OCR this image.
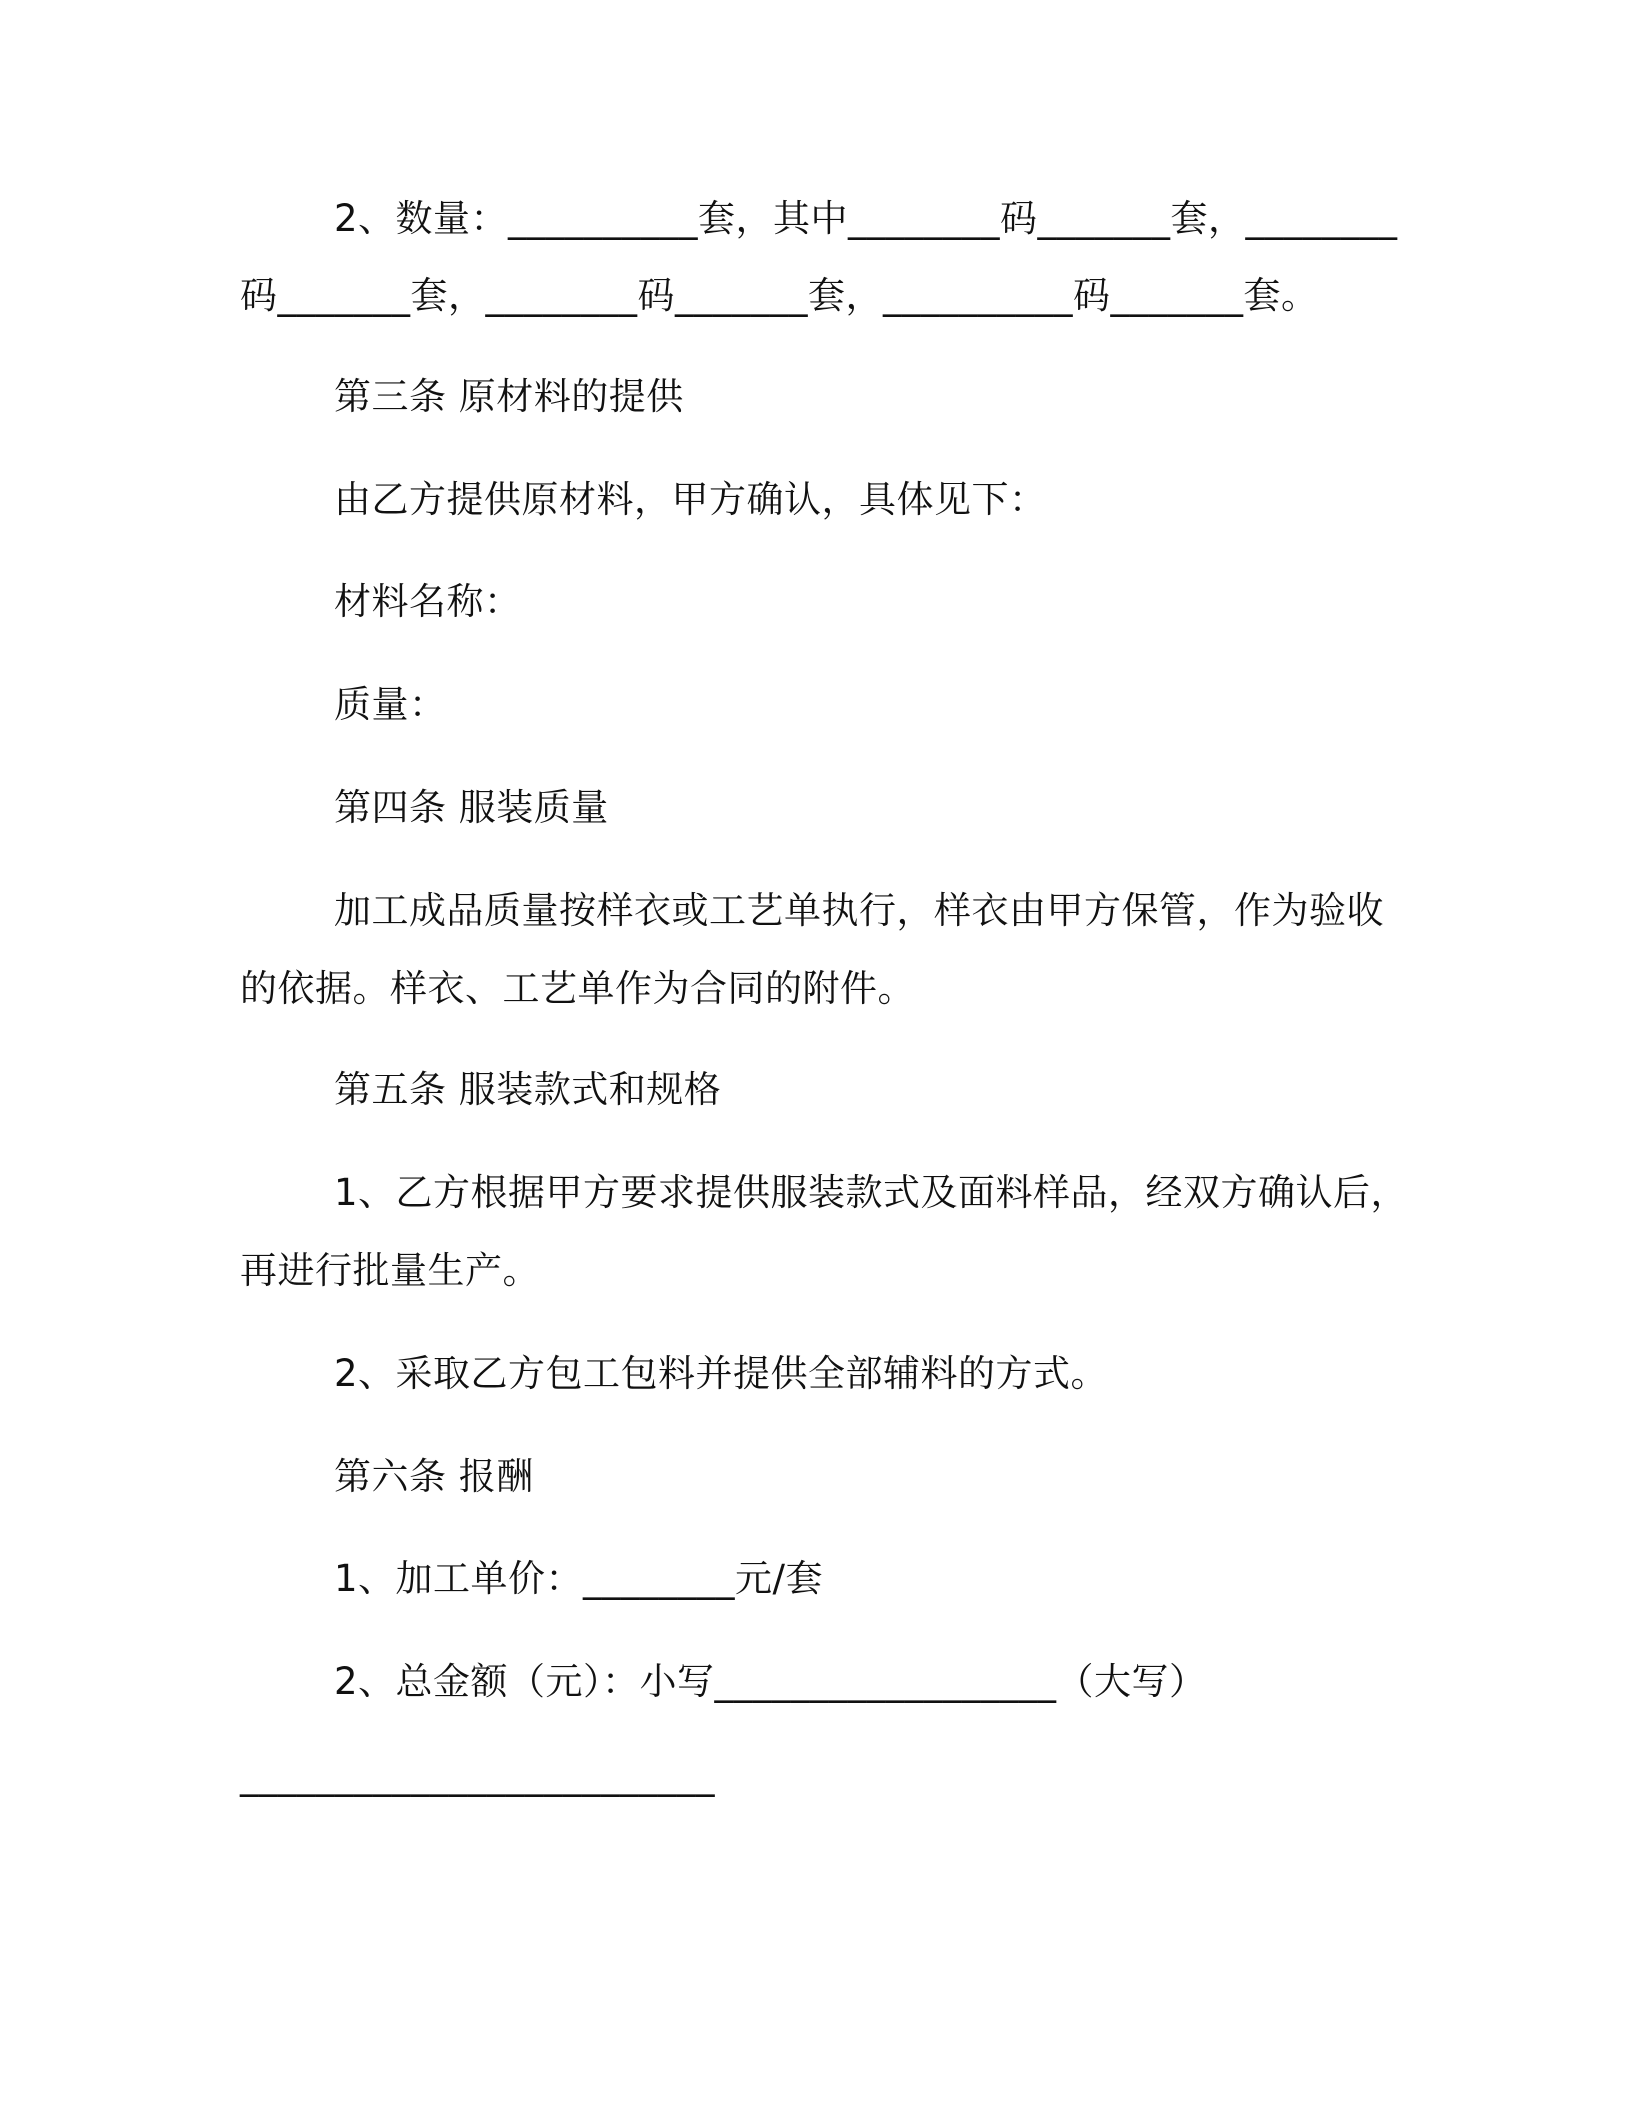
2、数量：__________套，其中________码_______套，________
码_______套，________码_______套，__________码_______套。
第三条 原材料的提供
由乙方提供原材料，甲方确认，具体见下：
材料名称：
质量：
第四条 服装质量
加工成品质量按样衣或工艺单执行，样衣由甲方保管，作为验收
的依据。样衣、工艺单作为合同的附件。
第五条 服装款式和规格
1、乙方根据甲方要求提供服装款式及面料样品，经双方确认后，
再进行批量生产。
2、采取乙方包工包料并提供全部辅料的方式。
第六条 报酬
1、加工单价：________元/套
2、总金额（元）：小写__________________（大写）
_________________________
